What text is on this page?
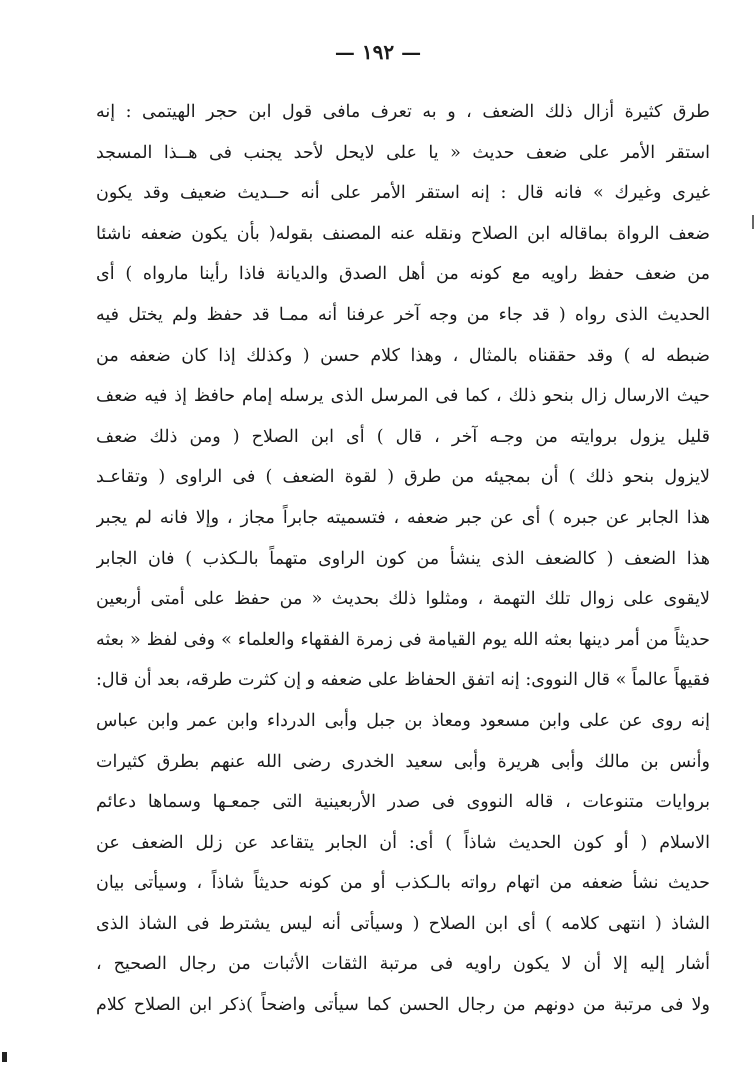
— ١٩٢ —
طرق كثيرة أزال ذلك الضعف ، و به تعرف مافى قول ابن حجر الهيتمى : إنه
استقر الأمر على ضعف حديث « يا على لايحل لأحد يجنب فى هــذا المسجد
غيرى وغيرك » فانه قال : إنه استقر الأمر على أنه حــديث ضعيف وقد يكون
ضعف الرواة بماقاله ابن الصلاح ونقله عنه المصنف بقوله( بأن يكون ضعفه ناشئا
من ضعف حفظ راويه مع كونه من أهل الصدق والديانة فاذا رأينا مارواه ) أى
الحديث الذى رواه ( قد جاء من وجه آخر عرفنا أنه ممـا قد حفظ ولم يختل فيه
ضبطه له ) وقد حققناه بالمثال ، وهذا كلام حسن ( وكذلك إذا كان ضعفه من
حيث الارسال زال بنحو ذلك ، كما فى المرسل الذى يرسله إمام حافظ إذ فيه ضعف
قليل يزول بروايته من وجـه آخر ، قال ) أى ابن الصلاح ( ومن ذلك ضعف
لايزول بنحو ذلك ) أن بمجيئه من طرق ( لقوة الضعف ) فى الراوى ( وتقاعـد
هذا الجابر عن جبره ) أى عن جبر ضعفه ، فتسميته جابراً مجاز ، وإلا فانه لم يجبر
هذا الضعف ( كالضعف الذى ينشأ من كون الراوى متهماً بالـكذب ) فان الجابر
لايقوى على زوال تلك التهمة ، ومثلوا ذلك بحديث « من حفظ على أمتى أربعين
حديثاً من أمر دينها بعثه الله يوم القيامة فى زمرة الفقهاء والعلماء » وفى لفظ « بعثه
فقيهاً عالماً » قال النووى: إنه اتفق الحفاظ على ضعفه و إن كثرت طرقه، بعد أن قال:
إنه روى عن على وابن مسعود ومعاذ بن جبل وأبى الدرداء وابن عمر وابن عباس
وأنس بن مالك وأبى هريرة وأبى سعيد الخدرى رضى الله عنهم بطرق كثيرات
بروايات متنوعات ، قاله النووى فى صدر الأربعينية التى جمعـها وسماها دعائم
الاسلام ( أو كون الحديث شاذاً ) أى: أن الجابر يتقاعد عن زلل الضعف عن
حديث نشأ ضعفه من اتهام رواته بالـكذب أو من كونه حديثاً شاذاً ، وسيأتى بيان
الشاذ ( انتهى كلامه ) أى ابن الصلاح ( وسيأتى أنه ليس يشترط فى الشاذ الذى
أشار إليه إلا أن لا يكون راويه فى مرتبة الثقات الأثبات من رجال الصحيح ،
ولا فى مرتبة من دونهم من رجال الحسن كما سيأتى واضحاً )ذكر ابن الصلاح كلام
